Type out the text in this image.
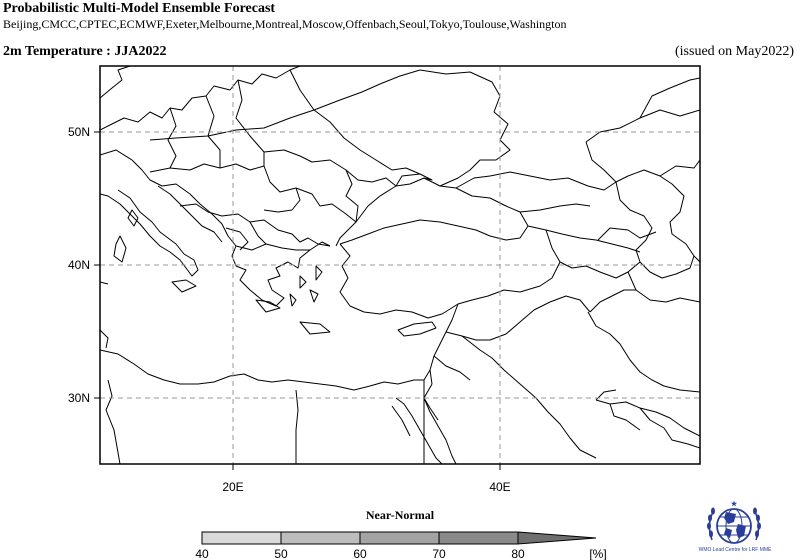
Probabilistic Multi-Model Ensemble Forecast
Beijing,CMCC,CPTEC,ECMWF,Exeter,Melbourne,Montreal,Moscow,Offenbach,Seoul,Tokyo,Toulouse,Washington
2m Temperature : JJA2022	(issued on May2022)
50N
40N
30N
20E	40E
40	50	60	70	80	[%]
Near-Normal
★
WMO Lead Centre for LRF MME
